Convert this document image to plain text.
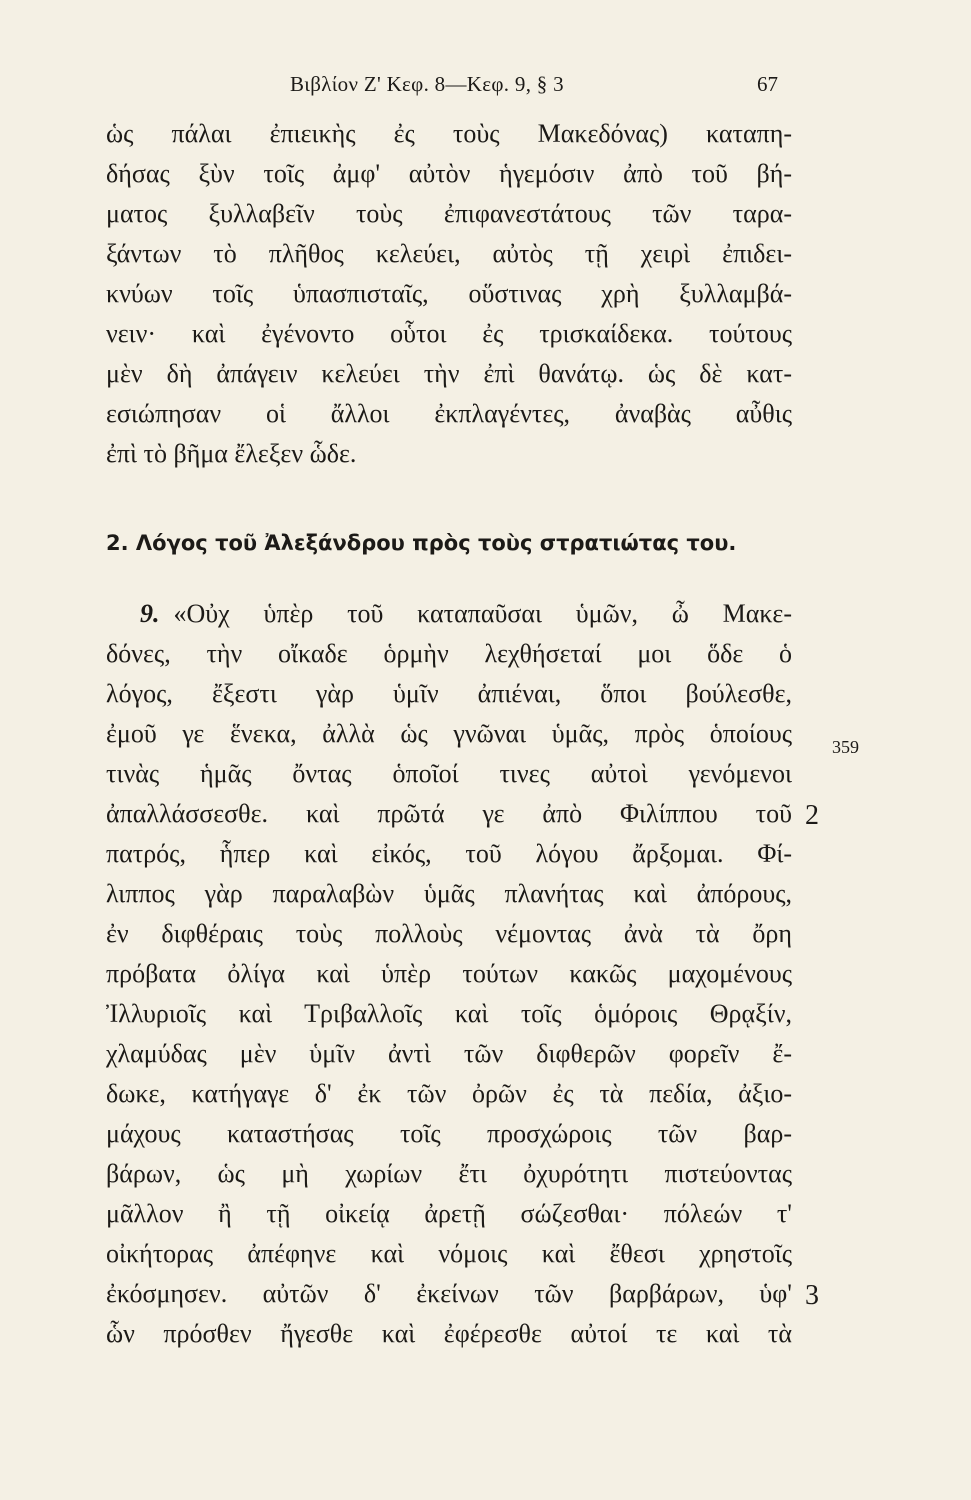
Βιβλίον Ζ' Κεφ. 8—Κεφ. 9, § 3	67
ὡς πάλαι ἐπιεικὴς ἐς τοὺς Μακεδόνας) καταπη-
δήσας ξὺν τοῖς ἀμφ' αὐτὸν ἡγεμόσιν ἀπὸ τοῦ βή-
ματος ξυλλαβεῖν τοὺς ἐπιφανεστάτους τῶν ταρα-
ξάντων τὸ πλῆθος κελεύει, αὐτὸς τῇ χειρὶ ἐπιδει-
κνύων τοῖς ὑπασπισταῖς, οὕστινας χρὴ ξυλλαμβά-
νειν· καὶ ἐγένοντο οὗτοι ἐς τρισκαίδεκα. τούτους
μὲν δὴ ἀπάγειν κελεύει τὴν ἐπὶ θανάτῳ. ὡς δὲ κατ-
εσιώπησαν οἱ ἄλλοι ἐκπλαγέντες, ἀναβὰς αὖθις
ἐπὶ τὸ βῆμα ἔλεξεν ὧδε.
2. Λόγος τοῦ Ἀλεξάνδρου πρὸς τοὺς στρατιώτας του.
9. «Οὐχ ὑπὲρ τοῦ καταπαῦσαι ὑμῶν, ὦ Μακε-
δόνες, τὴν οἴκαδε ὁρμὴν λεχθήσεταί μοι ὅδε ὁ
λόγος, ἔξεστι γὰρ ὑμῖν ἀπιέναι, ὅποι βούλεσθε,
ἐμοῦ γε ἕνεκα, ἀλλὰ ὡς γνῶναι ὑμᾶς, πρὸς ὁποίους
τινὰς ἡμᾶς ὄντας ὁποῖοί τινες αὐτοὶ γενόμενοι
ἀπαλλάσσεσθε. καὶ πρῶτά γε ἀπὸ Φιλίππου τοῦ
πατρός, ἧπερ καὶ εἰκός, τοῦ λόγου ἄρξομαι. Φί-
λιππος γὰρ παραλαβὼν ὑμᾶς πλανήτας καὶ ἀπόρους,
ἐν διφθέραις τοὺς πολλοὺς νέμοντας ἀνὰ τὰ ὄρη
πρόβατα ὀλίγα καὶ ὑπὲρ τούτων κακῶς μαχομένους
Ἰλλυριοῖς καὶ Τριβαλλοῖς καὶ τοῖς ὁμόροις Θρᾳξίν,
χλαμύδας μὲν ὑμῖν ἀντὶ τῶν διφθερῶν φορεῖν ἔ-
δωκε, κατήγαγε δ' ἐκ τῶν ὀρῶν ἐς τὰ πεδία, ἀξιο-
μάχους καταστήσας τοῖς προσχώροις τῶν βαρ-
βάρων, ὡς μὴ χωρίων ἔτι ὀχυρότητι πιστεύοντας
μᾶλλον ἢ τῇ οἰκείᾳ ἀρετῇ σώζεσθαι· πόλεών τ'
οἰκήτορας ἀπέφηνε καὶ νόμοις καὶ ἔθεσι χρηστοῖς
ἐκόσμησεν. αὐτῶν δ' ἐκείνων τῶν βαρβάρων, ὑφ'
ὧν πρόσθεν ἤγεσθε καὶ ἐφέρεσθε αὐτοί τε καὶ τὰ
359
2
3
